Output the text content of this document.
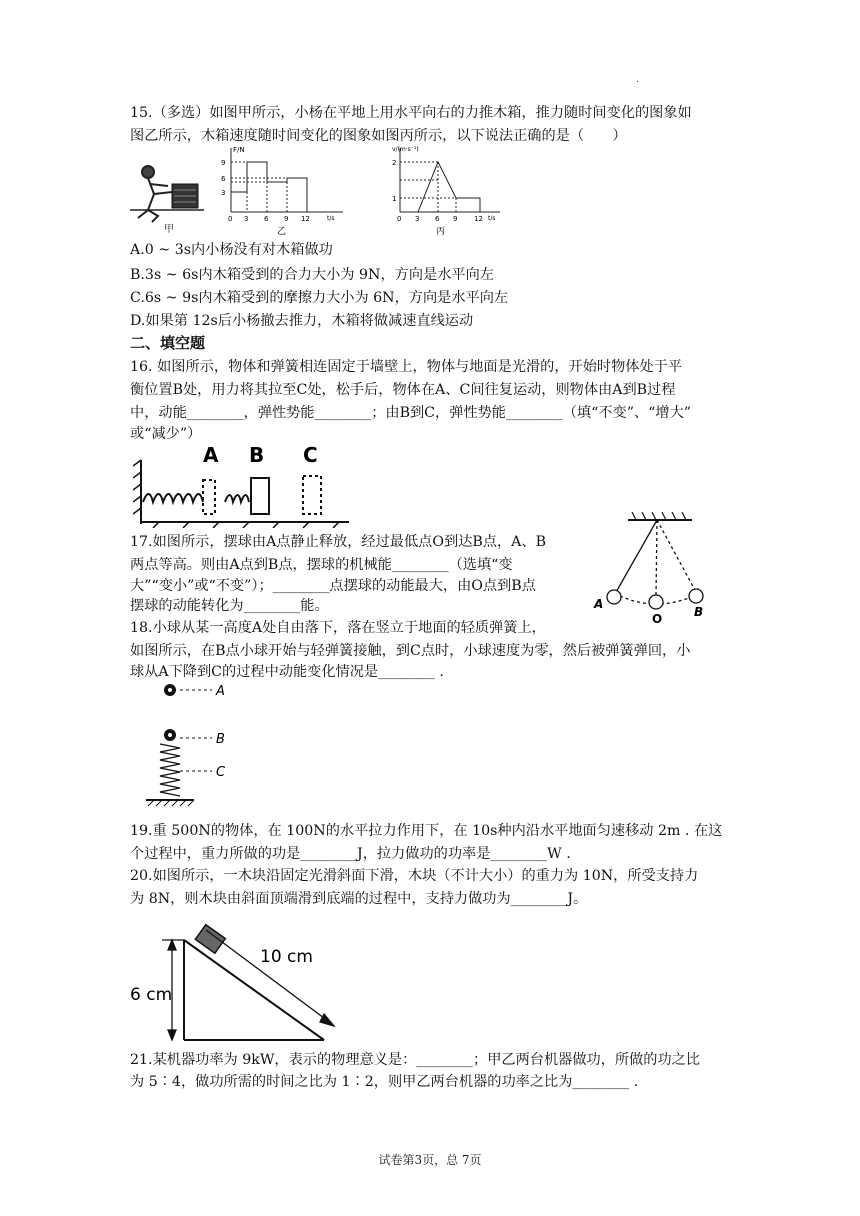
.
15.（多选）如图甲所示，小杨在平地上用水平向右的力推木箱，推力随时间变化的图象如
图乙所示，木箱速度随时间变化的图象如图丙所示，以下说法正确的是（　　）
甲
F/N
9
6
3
0 3 6 9 12	t/s
乙
v/(m·s⁻¹)
2
1
0 3 6 9 12 t/s
丙
A.0 ~ 3s内小杨没有对木箱做功
B.3s ~ 6s内木箱受到的合力大小为 9N，方向是水平向左
C.6s ~ 9s内木箱受到的摩擦力大小为 6N，方向是水平向左
D.如果第 12s后小杨撤去推力，木箱将做减速直线运动
二、填空题
16. 如图所示，物体和弹簧相连固定于墙壁上，物体与地面是光滑的，开始时物体处于平
衡位置B处，用力将其拉至C处，松手后，物体在A、C间往复运动，则物体由A到B过程
中，动能________，弹性势能________；由B到C，弹性势能________（填“不变”、“增大”
或“减少”）
A B C
17.如图所示，摆球由A点静止释放，经过最低点O到达B点，A、B
两点等高。则由A点到B点，摆球的机械能________（选填“变
大”“变小”或“不变”）；________点摆球的动能最大，由O点到B点
摆球的动能转化为________能。	A
O	B
18.小球从某一高度A处自由落下，落在竖立于地面的轻质弹簧上，
如图所示，在B点小球开始与轻弹簧接触，到C点时，小球速度为零，然后被弹簧弹回，小
球从A下降到C的过程中动能变化情况是________ .
A
B
C
19.重 500N的物体，在 100N的水平拉力作用下，在 10s种内沿水平地面匀速移动 2m . 在这
个过程中，重力所做的功是________J，拉力做功的功率是________W .
20.如图所示，一木块沿固定光滑斜面下滑，木块（不计大小）的重力为 10N，所受支持力
为 8N，则木块由斜面顶端滑到底端的过程中，支持力做功为________J。
6 cm
10 cm
21.某机器功率为 9kW，表示的物理意义是：________；甲乙两台机器做功，所做的功之比
为 5∶4，做功所需的时间之比为 1∶2，则甲乙两台机器的功率之比为________ .
试卷第3页，总 7页
